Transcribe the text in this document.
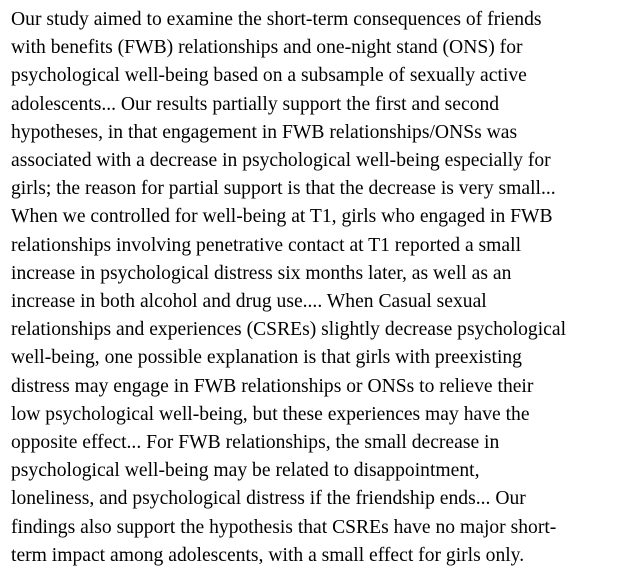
Our study aimed to examine the short-term consequences of friends
with benefits (FWB) relationships and one-night stand (ONS) for
psychological well-being based on a subsample of sexually active
adolescents... Our results partially support the first and second
hypotheses, in that engagement in FWB relationships/ONSs was
associated with a decrease in psychological well-being especially for
girls; the reason for partial support is that the decrease is very small...
When we controlled for well-being at T1, girls who engaged in FWB
relationships involving penetrative contact at T1 reported a small
increase in psychological distress six months later, as well as an
increase in both alcohol and drug use.... When Casual sexual
relationships and experiences (CSREs) slightly decrease psychological
well-being, one possible explanation is that girls with preexisting
distress may engage in FWB relationships or ONSs to relieve their
low psychological well-being, but these experiences may have the
opposite effect... For FWB relationships, the small decrease in
psychological well-being may be related to disappointment,
loneliness, and psychological distress if the friendship ends... Our
findings also support the hypothesis that CSREs have no major short-
term impact among adolescents, with a small effect for girls only.
